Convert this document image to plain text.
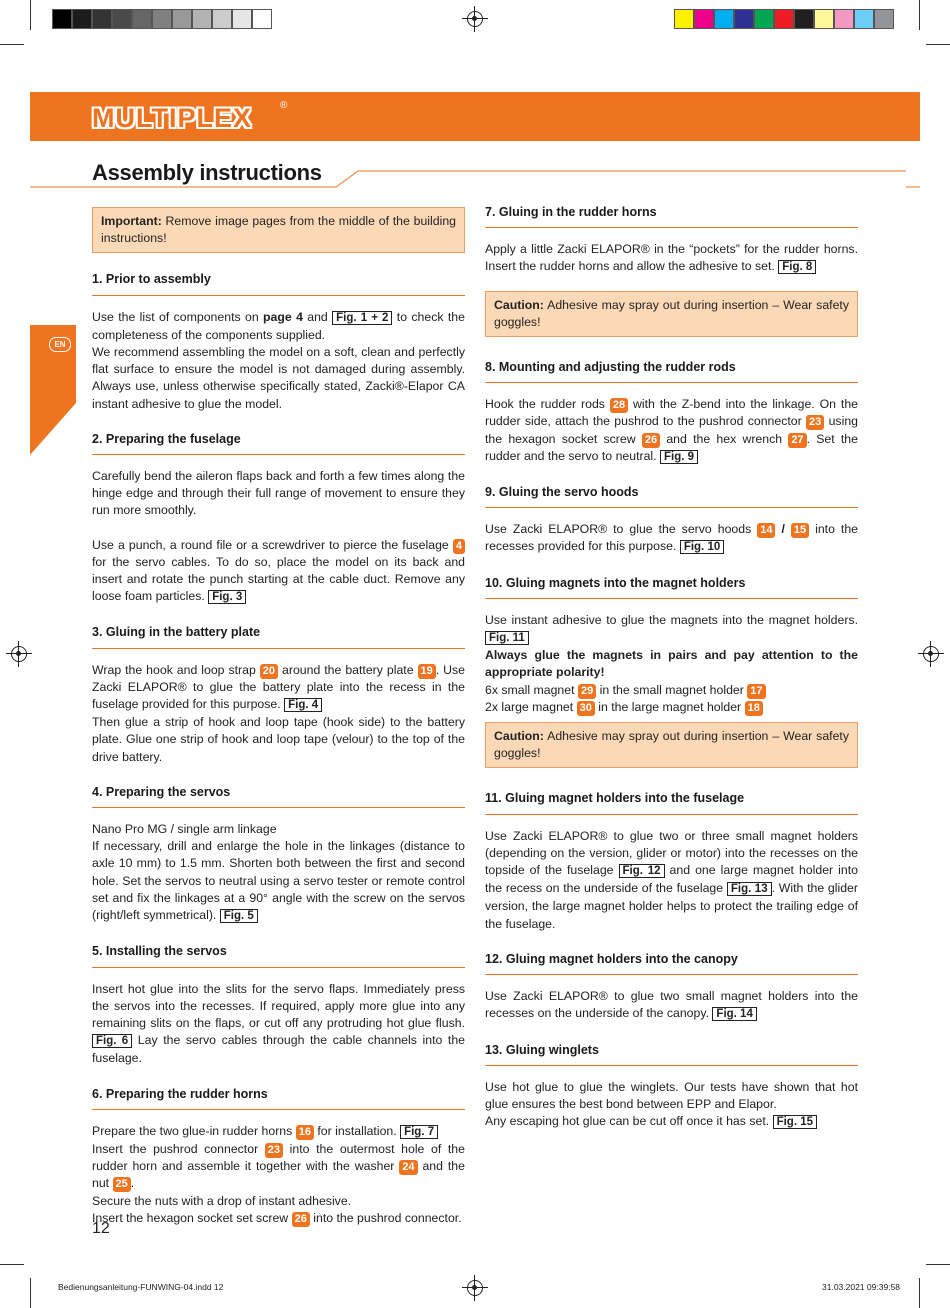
MULTIPLEX	®
Assembly instructions
EN
Important: Remove image pages from the middle of the building instructions!
1. Prior to assembly

Use the list of components on page 4 and Fig. 1 + 2 to check the completeness of the components supplied.

We recommend assembling the model on a soft, clean and perfectly flat surface to ensure the model is not damaged during assembly. Always use, unless otherwise specifically stated, Zacki®-Elapor CA instant adhesive to glue the model.

2. Preparing the fuselage

Carefully bend the aileron flaps back and forth a few times along the hinge edge and through their full range of movement to ensure they run more smoothly.

Use a punch, a round file or a screwdriver to pierce the fuselage 4 for the servo cables. To do so, place the model on its back and insert and rotate the punch starting at the cable duct. Remove any loose foam particles. Fig. 3

3. Gluing in the battery plate

Wrap the hook and loop strap 20 around the battery plate 19 . Use Zacki ELAPOR® to glue the battery plate into the recess in the fuselage provided for this purpose. Fig. 4

Then glue a strip of hook and loop tape (hook side) to the battery plate. Glue one strip of hook and loop tape (velour) to the top of the drive battery.

4. Preparing the servos

Nano Pro MG / single arm linkage

If necessary, drill and enlarge the hole in the linkages (distance to axle 10 mm) to 1.5 mm. Shorten both between the first and second hole. Set the servos to neutral using a servo tester or remote control set and fix the linkages at a 90° angle with the screw on the servos (right/left symmetrical). Fig. 5

5. Installing the servos

Insert hot glue into the slits for the servo flaps. Immediately press the servos into the recesses. If required, apply more glue into any remaining slits on the flaps, or cut off any protruding hot glue flush. Fig. 6 Lay the servo cables through the cable channels into the fuselage.

6. Preparing the rudder horns

Prepare the two glue-in rudder horns 16 for installation. Fig. 7

Insert the pushrod connector 23 into the outermost hole of the rudder horn and assemble it together with the washer 24 and the nut 25 .

Secure the nuts with a drop of instant adhesive.

Insert the hexagon socket set screw 26 into the pushrod connector.

7. Gluing in the rudder horns

Apply a little Zacki ELAPOR® in the “pockets” for the rudder horns. Insert the rudder horns and allow the adhesive to set. Fig. 8

Caution: Adhesive may spray out during insertion – Wear safety goggles!
8. Mounting and adjusting the rudder rods

Hook the rudder rods 28 with the Z-bend into the linkage. On the rudder side, attach the pushrod to the pushrod connector 23 using the hexagon socket screw 26 and the hex wrench 27 . Set the rudder and the servo to neutral. Fig. 9

9. Gluing the servo hoods

Use Zacki ELAPOR® to glue the servo hoods 14 / 15 into the recesses provided for this purpose. Fig. 10

10. Gluing magnets into the magnet holders

Use instant adhesive to glue the magnets into the magnet holders. Fig. 11

Always glue the magnets in pairs and pay attention to the appropriate polarity!

6x small magnet 29 in the small magnet holder 17

2x large magnet 30 in the large magnet holder 18

Caution: Adhesive may spray out during insertion – Wear safety goggles!
11. Gluing magnet holders into the fuselage

Use Zacki ELAPOR® to glue two or three small magnet holders (depending on the version, glider or motor) into the recesses on the topside of the fuselage Fig. 12 and one large magnet holder into the recess on the underside of the fuselage Fig. 13 . With the glider version, the large magnet holder helps to protect the trailing edge of the fuselage.

12. Gluing magnet holders into the canopy

Use Zacki ELAPOR® to glue two small magnet holders into the recesses on the underside of the canopy. Fig. 14

13. Gluing winglets

Use hot glue to glue the winglets. Our tests have shown that hot glue ensures the best bond between EPP and Elapor.

Any escaping hot glue can be cut off once it has set. Fig. 15

12
Bedienungsanleitung-FUNWING-04.indd 12	31.03.2021 09:39:58
